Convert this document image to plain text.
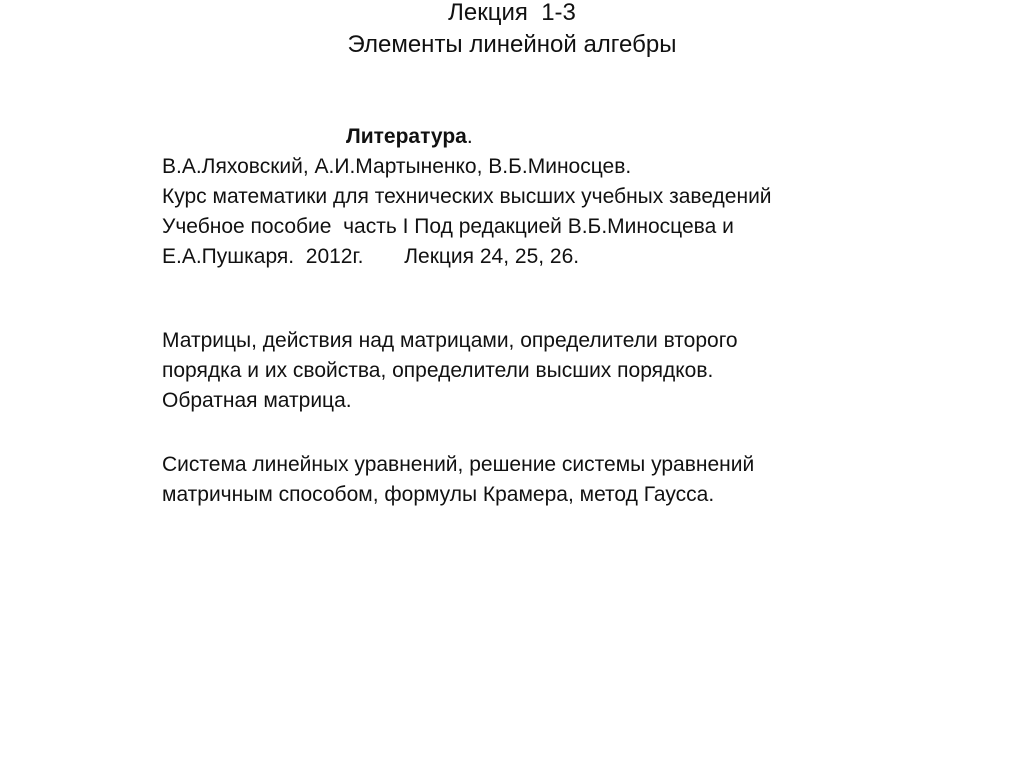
Лекция  1-3
Элементы линейной алгебры
Литература.
В.А.Ляховский, А.И.Мартыненко, В.Б.Миносцев.
Курс математики для технических высших учебных заведений
Учебное пособие  часть I Под редакцией В.Б.Миносцева и
Е.А.Пушкаря.  2012г.       Лекция 24, 25, 26.
Матрицы, действия над матрицами, определители второго
порядка и их свойства, определители высших порядков.
Обратная матрица.
Система линейных уравнений, решение системы уравнений
матричным способом, формулы Крамера, метод Гаусса.
